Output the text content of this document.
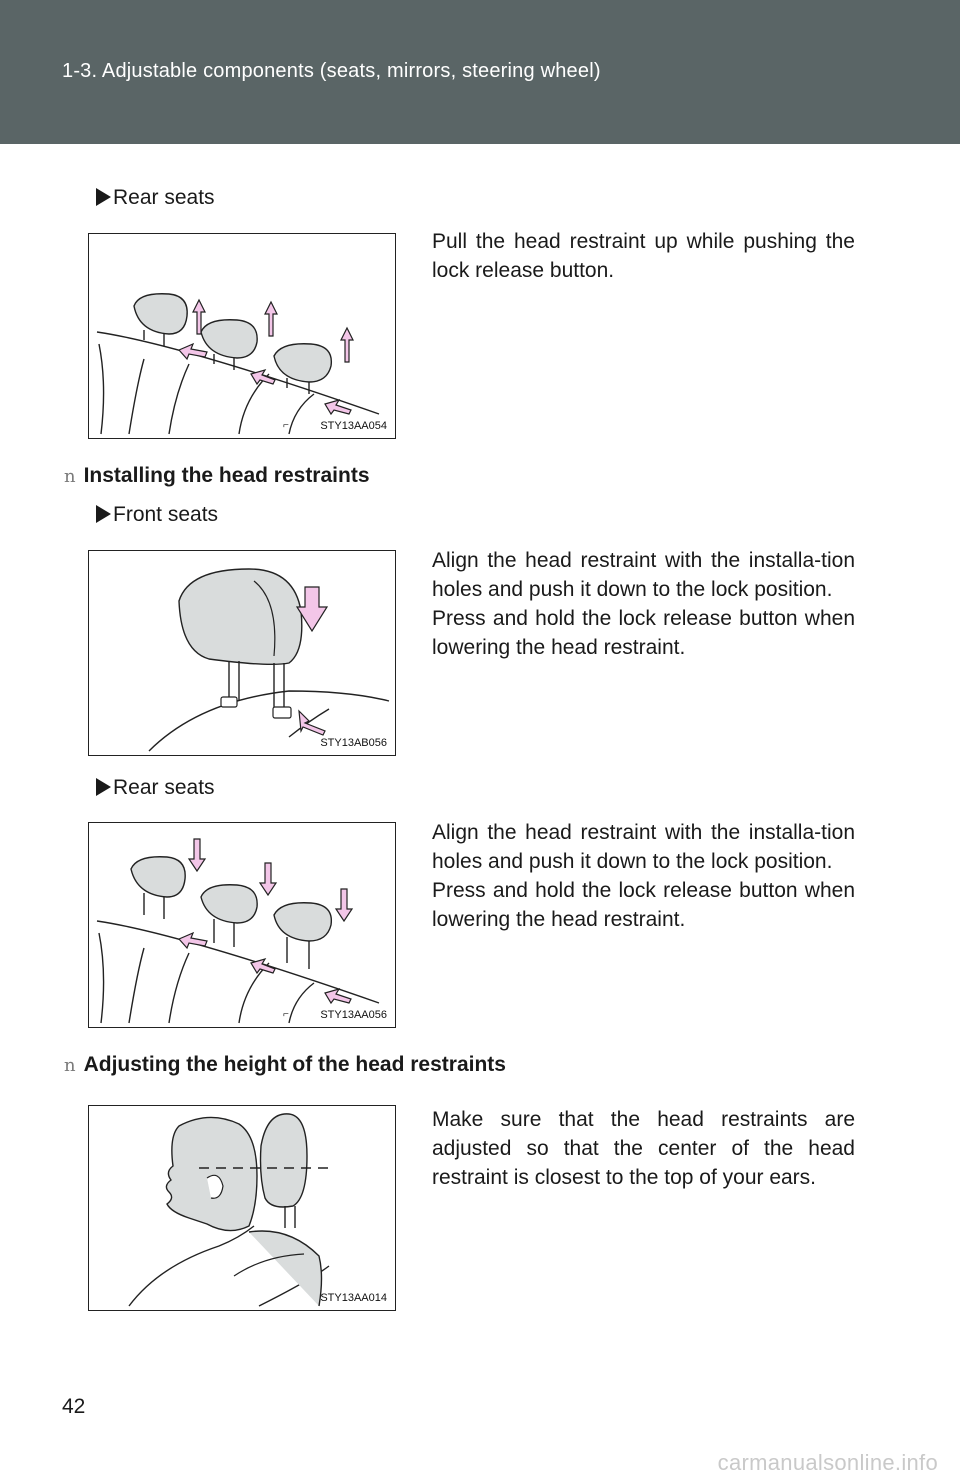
1-3. Adjustable components (seats, mirrors, steering wheel)
Rear seats
⌐	STY13AA054

Pull the head restraint up while pushing the lock release button.

n Installing the head restraints
Front seats
STY13AB056

Align the head restraint with the installa-tion holes and push it down to the lock position.

Press and hold the lock release button when lowering the head restraint.

Rear seats
⌐	STY13AA056

Align the head restraint with the installa-tion holes and push it down to the lock position.

Press and hold the lock release button when lowering the head restraint.

n Adjusting the height of the head restraints
STY13AA014

Make sure that the head restraints are adjusted so that the center of the head restraint is closest to the top of your ears.

42
carmanualsonline.info
